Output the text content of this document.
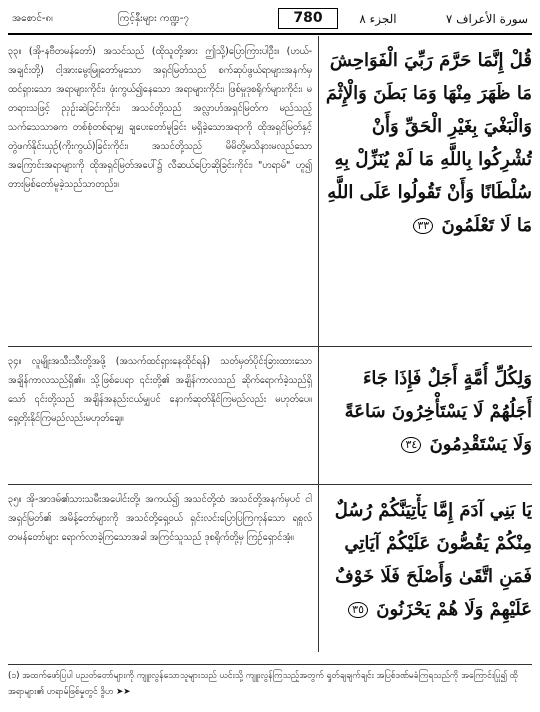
အစောင်-၈၊	ကြင့်နှီးများ ကဏ္ဍ-၇	780	الجزء ٨	سورة الأعراف ٧
၃၃။ (အို-နဗီတမန်တော်) အသင်သည် (ထိုသူတို့အား ဤသို့)ပြောကြားပါဦး။ (ဟယ်-အချင်းတို့) ငါ့အားမွေးမြူတော်မူသော အရှင်မြတ်သည် စက်ဆုပ်ဖွယ်ရာများအနက်မှ ထင်ရှားသော အရာများကိုင်း၊ ဖုံးကွယ်၍နေသော အရာများကိုင်း၊ ဖြစ်မှုဒုစရိုက်များကိုင်း၊ မတရားသဖြင့် ညှဉ်းဆဲခြင်းကိုင်း၊ အသင်တို့သည် အလ္လာဟ်အရှင်မြတ်က မည်သည့်သက်သေသာဓက တစ်စုံတစ်ရာမျှ ချပေးတော်မူခြင်း မရှိခဲ့သောအရာကို ထိုအရှင်မြတ်နှင့် တွဲဖက်နိုင်းယှဉ်(ကိုးကွယ်)ခြင်းကိုင်း၊ အသင်တို့သည် မိမိတို့မသိနားမလည်သောအကြောင်းအရာများကို ထိုအရှင်မြတ်အပေါ်၌ လီဆယ်ပြောဆိုခြင်းကိုင်း၊ "ဟရာမ်" ဟူ၍ တားမြစ်တော်မူခဲ့သည်သာတည်း။
قُلْ إِنَّمَا حَرَّمَ رَبِّيَ الْفَوَاحِشَ مَا ظَهَرَ مِنْهَا وَمَا بَطَنَ وَالْإِثْمَ وَالْبَغْيَ بِغَيْرِ الْحَقِّ وَأَنْ تُشْرِكُوا بِاللَّهِ مَا لَمْ يُنَزِّلْ بِهِ سُلْطَانًا وَأَنْ تَقُولُوا عَلَى اللَّهِ مَا لَا تَعْلَمُونَ ٣٣
၃၄။ လူမျိုးအသီးသီးတို့အဖို့ (အသက်ထင်ရှားနေထိုင်ရန်) သတ်မှတ်ပိုင်းခြားထားသော အချိန်ကာလသည်ရှိ၏။ သို့ဖြစ်ပေရာ ၎င်းတို့၏ အချိန်ကာလသည် ဆိုက်ရောက်ခဲ့သည်ရှိသော် ၎င်းတို့သည် အချိန်အနည်းငယ်မျှပင် နောက်ဆုတ်နိုင်ကြမည်လည်း မဟုတ်ပေ။ ရှေ့တိုးနိုင်ကြမည်လည်းမဟုတ်ချေ။
وَلِكُلِّ أُمَّةٍ أَجَلٌ فَإِذَا جَاءَ أَجَلُهُمْ لَا يَسْتَأْخِرُونَ سَاعَةً وَلَا يَسْتَقْدِمُونَ ٣٤
၃၅။ အို-အာဒမ်၏သားသမီးအပေါင်းတို့၊ အကယ်၍ အသင်တို့ထံ အသင်တို့အနက်မှပင် ငါအရှင်မြတ်၏ အမိန့်တော်များကို အသင်တို့ရှေ့ဝယ် ရှင်းလင်းပြောပြကြကုန်သော ရစူလ်တမန်တော်များ ရောက်လာခဲ့ကြသောအခါ အကြင်သူသည် ဒုစရိုက်တို့မှ ကြဉ်ရှောင်အံ့။
يَا بَنِي آدَمَ إِمَّا يَأْتِيَنَّكُمْ رُسُلٌ مِنْكُمْ يَقُصُّونَ عَلَيْكُمْ آيَاتِي فَمَنِ اتَّقَىٰ وَأَصْلَحَ فَلَا خَوْفٌ عَلَيْهِمْ وَلَا هُمْ يَحْزَنُونَ ٣٥
(၁) အထက်ဖော်ပြပါ ပညတ်တော်များကို ကျူးလွန်သောသူများသည် ယင်းသို့ ကျူးလွန်ကြသည့်အတွက် ရှုတ်ချချက်ချင်း အပြစ်ဒဏ်မခံကြရသည်ကို အကြောင်းပြု၍ ထိုအရာများ၏ ဟရာမ်ဖြစ်မှုတွင် ဒွိဟ ➤➤
